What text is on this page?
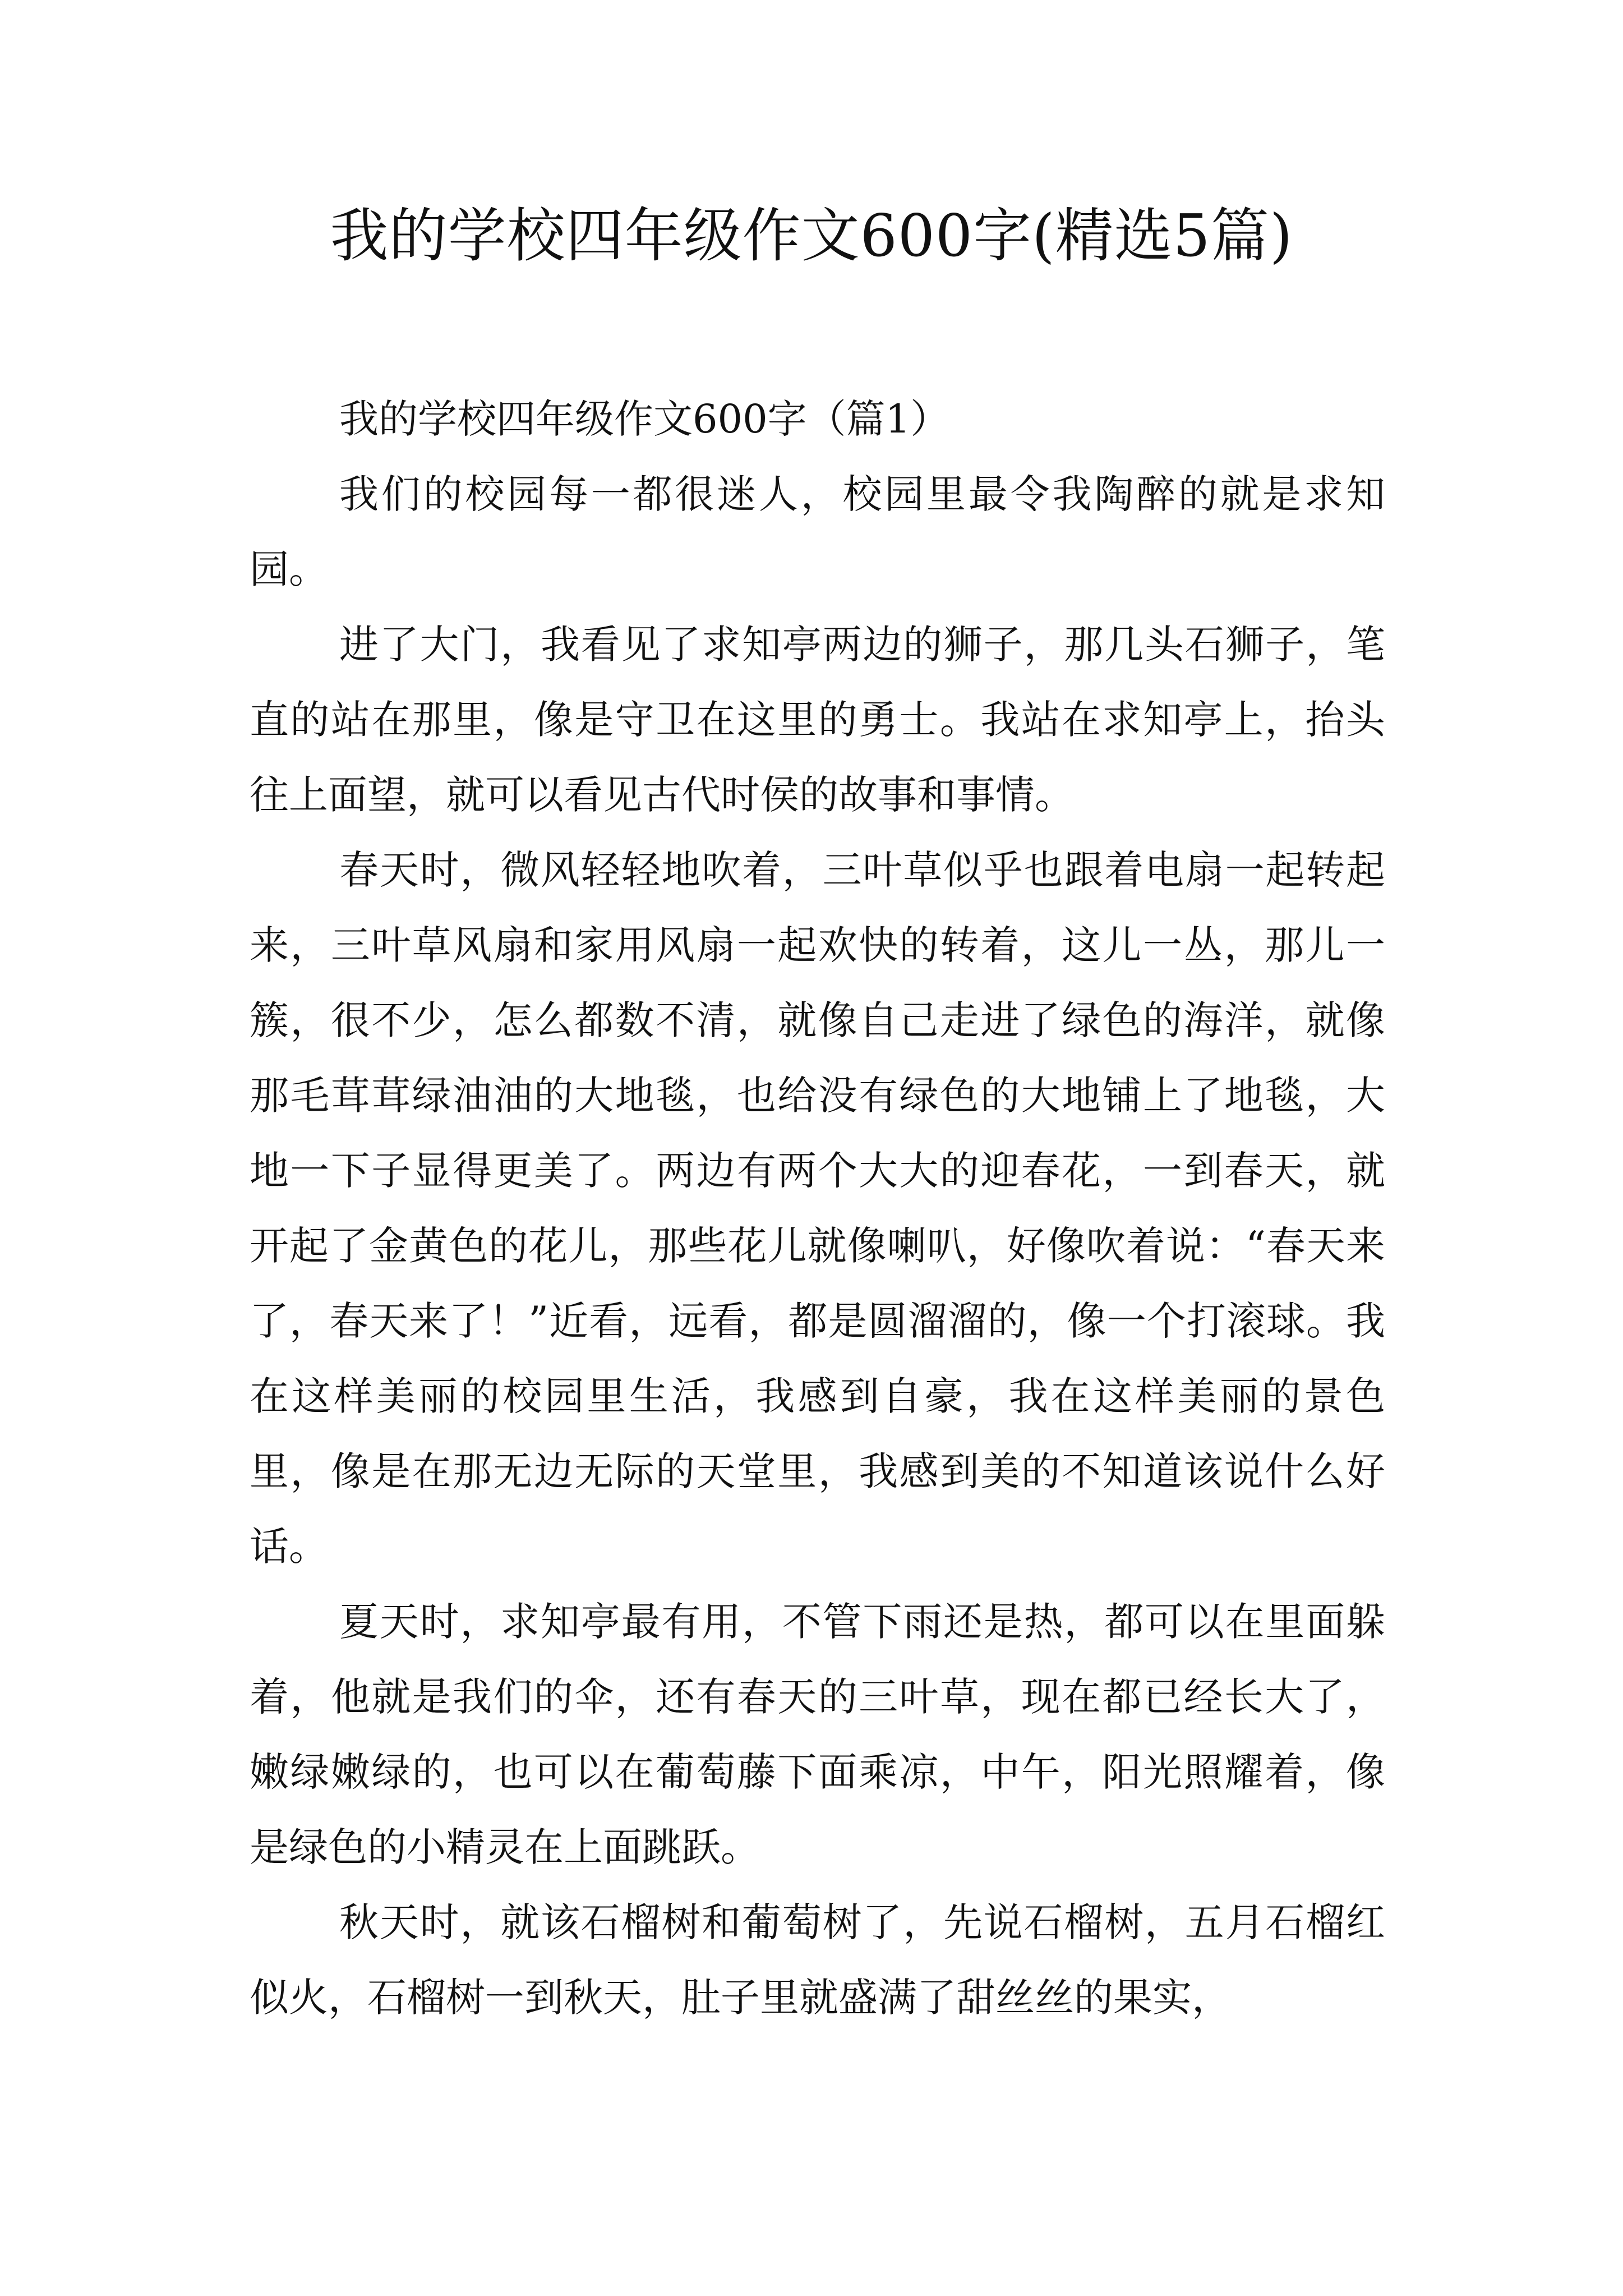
我的学校四年级作文600字(精选5篇)

我的学校四年级作文600字（篇1）

我们的校园每一都很迷人，校园里最令我陶醉的就是求知园。

进了大门，我看见了求知亭两边的狮子，那几头石狮子，笔直的站在那里，像是守卫在这里的勇士。我站在求知亭上，抬头往上面望，就可以看见古代时侯的故事和事情。

春天时，微风轻轻地吹着，三叶草似乎也跟着电扇一起转起来，三叶草风扇和家用风扇一起欢快的转着，这儿一丛，那儿一簇，很不少，怎么都数不清，就像自己走进了绿色的海洋，就像那毛茸茸绿油油的大地毯，也给没有绿色的大地铺上了地毯，大地一下子显得更美了。两边有两个大大的迎春花，一到春天，就开起了金黄色的花儿，那些花儿就像喇叭，好像吹着说：“春天来了，春天来了！”近看，远看，都是圆溜溜的，像一个打滚球。我在这样美丽的校园里生活，我感到自豪，我在这样美丽的景色里，像是在那无边无际的天堂里，我感到美的不知道该说什么好话。

夏天时，求知亭最有用，不管下雨还是热，都可以在里面躲着，他就是我们的伞，还有春天的三叶草，现在都已经长大了，嫩绿嫩绿的，也可以在葡萄藤下面乘凉，中午，阳光照耀着，像是绿色的小精灵在上面跳跃。

秋天时，就该石榴树和葡萄树了，先说石榴树，五月石榴红似火，石榴树一到秋天，肚子里就盛满了甜丝丝的果实，
